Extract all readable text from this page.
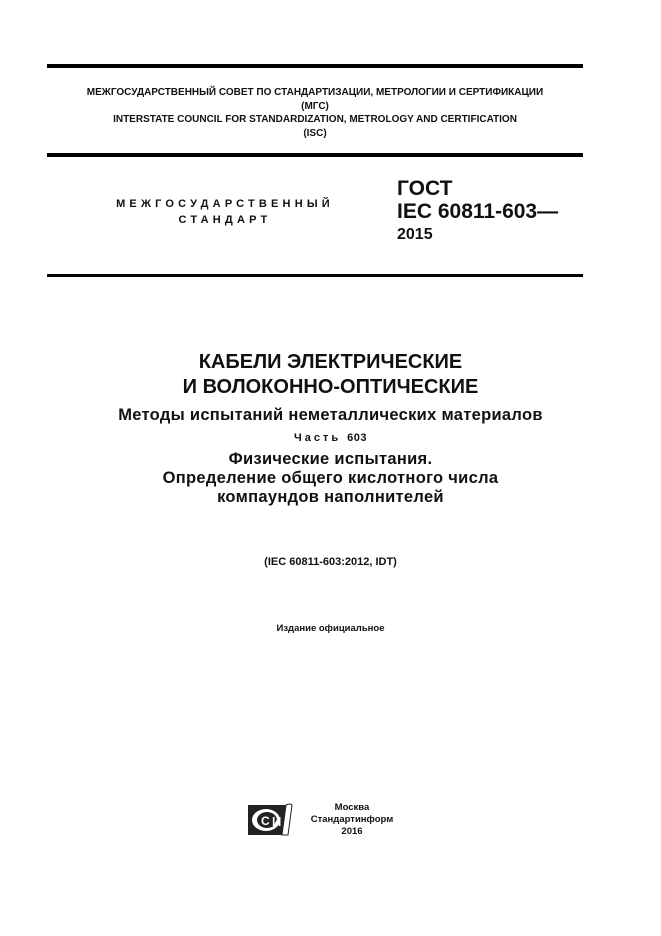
МЕЖГОСУДАРСТВЕННЫЙ СОВЕТ ПО СТАНДАРТИЗАЦИИ, МЕТРОЛОГИИ И СЕРТИФИКАЦИИ
(МГС)
INTERSTATE COUNCIL FOR STANDARDIZATION, METROLOGY AND CERTIFICATION
(ISC)
МЕЖГОСУДАРСТВЕННЫЙ
СТАНДАРТ
ГОСТ
IEC 60811-603—
2015
КАБЕЛИ ЭЛЕКТРИЧЕСКИЕ
И ВОЛОКОННО-ОПТИЧЕСКИЕ
Методы испытаний неметаллических материалов
Часть 603
Физические испытания.
Определение общего кислотного числа
компаундов наполнителей
(IEC 60811-603:2012, IDT)
Издание официальное
C И
Москва
Стандартинформ
2016
